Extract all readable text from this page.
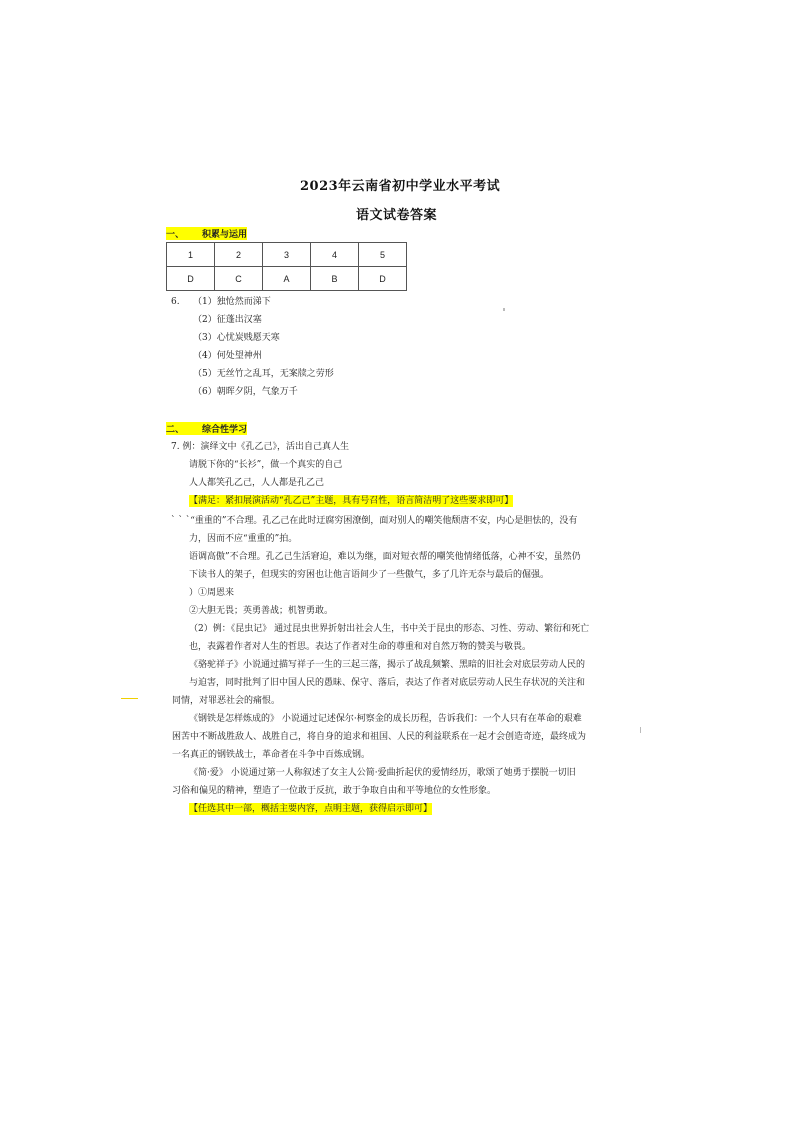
2023年云南省初中学业水平考试
语文试卷答案
一、 积累与运用
1	2	3	4	5
D	C	A	B	D
6. （1）独怆然而涕下
（2）征蓬出汉塞
（3）心忧炭贱愿天寒
（4）何处望神州
（5）无丝竹之乱耳，无案牍之劳形
（6）朝晖夕阴，气象万千
二、 综合性学习
7. 例：演绎文中《孔乙己》，活出自己真人生
请脱下你的“长衫”，做一个真实的自己
人人都笑孔乙己，人人都是孔乙己
【满足：紧扣展演活动“孔乙己”主题，具有号召性，语言简洁明了这些要求即可】
` ` `“重重的”不合理。孔乙己在此时迂腐穷困潦倒，面对别人的嘲笑他颓唐不安，内心是胆怯的，没有
力，因而不应“重重的”拍。
语调高傲”不合理。孔乙己生活窘迫，难以为继，面对短衣帮的嘲笑他情绪低落，心神不安，虽然仍
下读书人的架子，但现实的穷困也让他言语间少了一些傲气，多了几许无奈与最后的倔强。
）①周恩来
②大胆无畏；英勇善战；机智勇敢。
（2）例：《昆虫记》 通过昆虫世界折射出社会人生，书中关于昆虫的形态、习性、劳动、繁衍和死亡
也，表露着作者对人生的哲思。表达了作者对生命的尊重和对自然万物的赞美与敬畏。
《骆驼祥子》小说通过描写祥子一生的三起三落，揭示了战乱频繁、黑暗的旧社会对底层劳动人民的
与迫害，同时批判了旧中国人民的愚昧、保守、落后，表达了作者对底层劳动人民生存状况的关注和
同情，对罪恶社会的痛恨。
《钢铁是怎样炼成的》 小说通过记述保尔·柯察金的成长历程，告诉我们：一个人只有在革命的艰难
困苦中不断战胜敌人、战胜自己，将自身的追求和祖国、人民的利益联系在一起才会创造奇迹，最终成为
一名真正的钢铁战士，革命者在斗争中百炼成钢。
《简·爱》 小说通过第一人称叙述了女主人公简·爱曲折起伏的爱情经历，歌颂了她勇于摆脱一切旧
习俗和偏见的精神，塑造了一位敢于反抗，敢于争取自由和平等地位的女性形象。
【任选其中一部，概括主要内容，点明主题，获得启示即可】
